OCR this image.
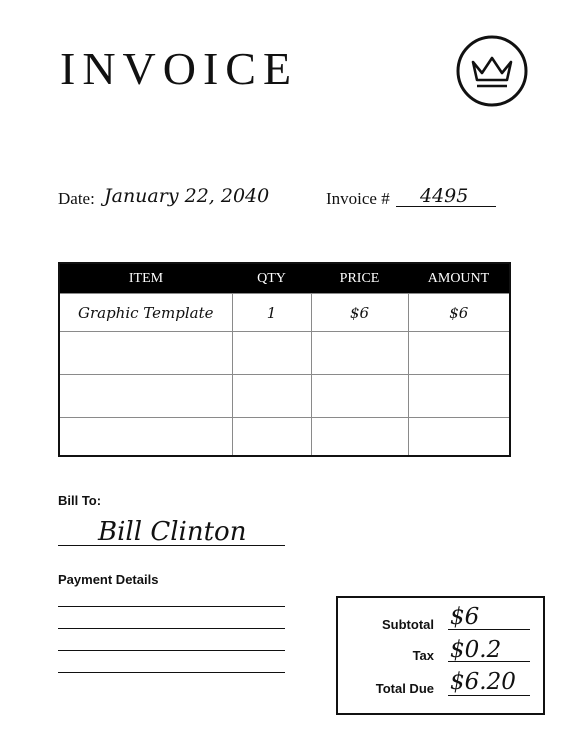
INVOICE
Date: January 22, 2040	Invoice # 4495
ITEM	QTY	PRICE	AMOUNT
Graphic Template	1	$6	$6

Bill To:
Bill Clinton
Payment Details
Subtotal $6
Tax $0.2
Total Due $6.20
